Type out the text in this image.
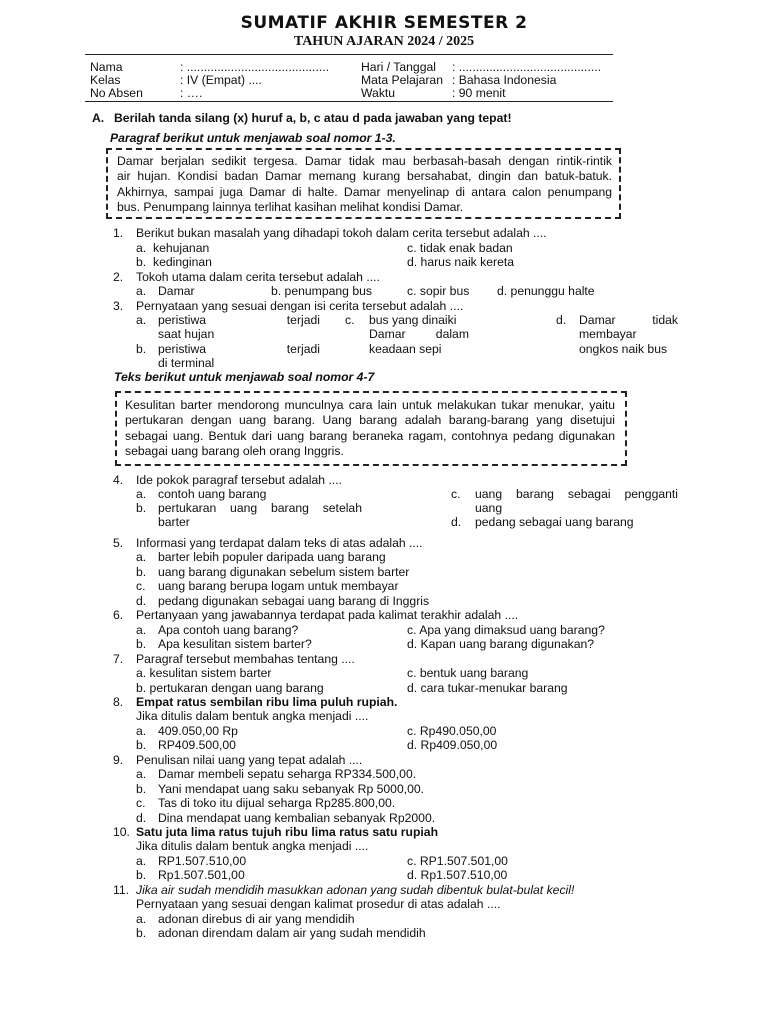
SUMATIF AKHIR SEMESTER 2
TAHUN AJARAN 2024 / 2025
Nama	: ..........................................
Kelas	: IV (Empat) ....
No Absen	: ….
Hari / Tanggal : ..........................................
Mata Pelajaran : Bahasa Indonesia
Waktu	: 90 menit
A. Berilah tanda silang (x) huruf a, b, c atau d pada jawaban yang tepat!
Paragraf berikut untuk menjawab soal nomor 1-3.
Damar berjalan sedikit tergesa. Damar tidak mau berbasah-basah dengan rintik-rintik
air hujan. Kondisi badan Damar memang kurang bersahabat, dingin dan batuk-batuk.
Akhirnya, sampai juga Damar di halte. Damar menyelinap di antara calon penumpang
bus. Penumpang lainnya terlihat kasihan melihat kondisi Damar.
1. Berikut bukan masalah yang dihadapi tokoh dalam cerita tersebut adalah ....
a. kehujanan
b. kedinginan
c. tidak enak badan
d. harus naik kereta
2. Tokoh utama dalam cerita tersebut adalah ....
a. Damar	b. penumpang bus	c. sopir bus d. penunggu halte
3. Pernyataan yang sesuai dengan isi cerita tersebut adalah ....
a. peristiwa	terjadi
saat hujan
b. peristiwa	terjadi
di terminal
c. bus yang dinaiki
Damar dalam
keadaan sepi
d. Damar	tidak
membayar
ongkos naik bus
Teks berikut untuk menjawab soal nomor 4-7
Kesulitan barter mendorong munculnya cara lain untuk melakukan tukar menukar, yaitu
pertukaran dengan uang barang. Uang barang adalah barang-barang yang disetujui
sebagai uang. Bentuk dari uang barang beraneka ragam, contohnya pedang digunakan
sebagai uang barang oleh orang Inggris.
4. Ide pokok paragraf tersebut adalah ....
a. contoh uang barang
b. pertukaran uang barang setelah
barter
c. uang barang sebagai pengganti
uang
d. pedang sebagai uang barang
5. Informasi yang terdapat dalam teks di atas adalah ....
a. barter lebih populer daripada uang barang
b. uang barang digunakan sebelum sistem barter
c. uang barang berupa logam untuk membayar
d. pedang digunakan sebagai uang barang di Inggris
6. Pertanyaan yang jawabannya terdapat pada kalimat terakhir adalah ....
a. Apa contoh uang barang?
b. Apa kesulitan sistem barter?
c. Apa yang dimaksud uang barang?
d. Kapan uang barang digunakan?
7. Paragraf tersebut membahas tentang ....
a. kesulitan sistem barter
b. pertukaran dengan uang barang
c. bentuk uang barang
d. cara tukar-menukar barang
8. Empat ratus sembilan ribu lima puluh rupiah.
Jika ditulis dalam bentuk angka menjadi ....
a. 409.050,00 Rp
b. RP409.500,00
c. Rp490.050,00
d. Rp409.050,00
9. Penulisan nilai uang yang tepat adalah ....
a. Damar membeli sepatu seharga RP334.500,00.
b. Yani mendapat uang saku sebanyak Rp 5000,00.
c. Tas di toko itu dijual seharga Rp285.800,00.
d. Dina mendapat uang kembalian sebanyak Rp2000.
10. Satu juta lima ratus tujuh ribu lima ratus satu rupiah
Jika ditulis dalam bentuk angka menjadi ....
a. RP1.507.510,00
b. Rp1.507.501,00
c. RP1.507.501,00
d. Rp1.507.510,00
11. Jika air sudah mendidih masukkan adonan yang sudah dibentuk bulat-bulat kecil!
Pernyataan yang sesuai dengan kalimat prosedur di atas adalah ....
a. adonan direbus di air yang mendidih
b. adonan direndam dalam air yang sudah mendidih
